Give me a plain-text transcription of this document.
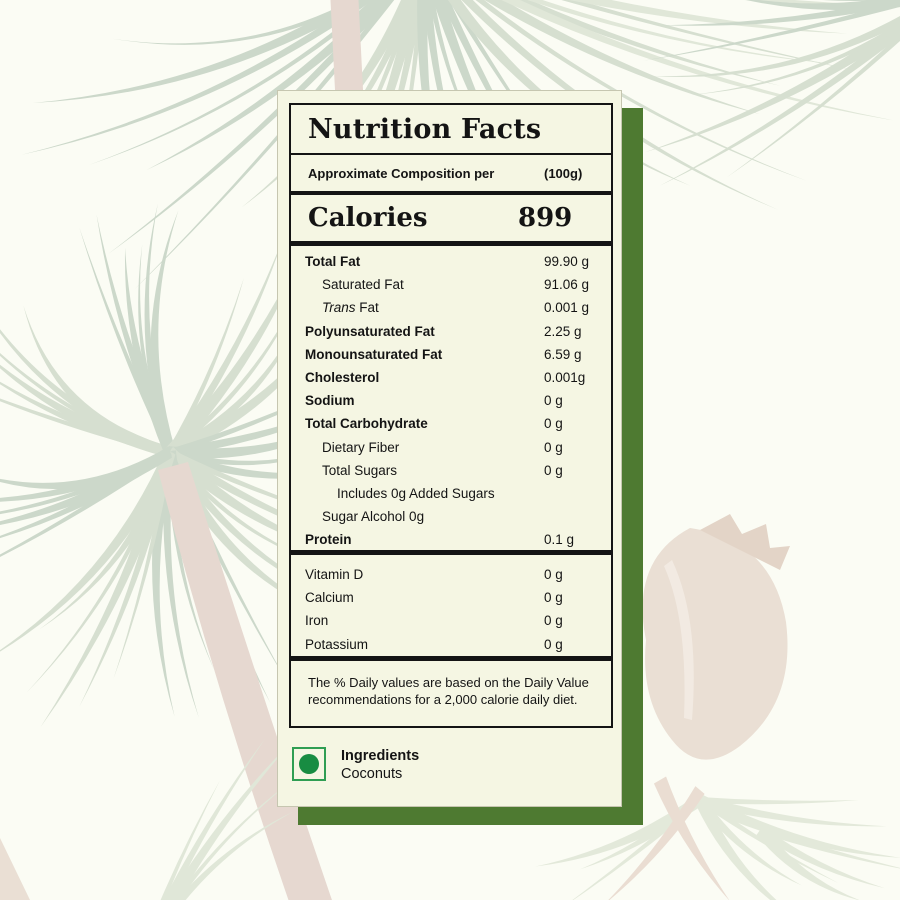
Nutrition Facts
Approximate Composition per	(100g)
Calories	899
Total Fat	99.90 g
Saturated Fat	91.06 g
Trans Fat	0.001 g
Polyunsaturated Fat	2.25 g
Monounsaturated Fat	6.59 g
Cholesterol	0.001g
Sodium	0 g
Total Carbohydrate	0 g
Dietary Fiber	0 g
Total Sugars	0 g
Includes 0g Added Sugars
Sugar Alcohol 0g
Protein	0.1 g
Vitamin D	0 g
Calcium	0 g
Iron	0 g
Potassium	0 g
The % Daily values are based on the Daily Value recommendations for a 2,000 calorie daily diet.
Ingredients
Coconuts
